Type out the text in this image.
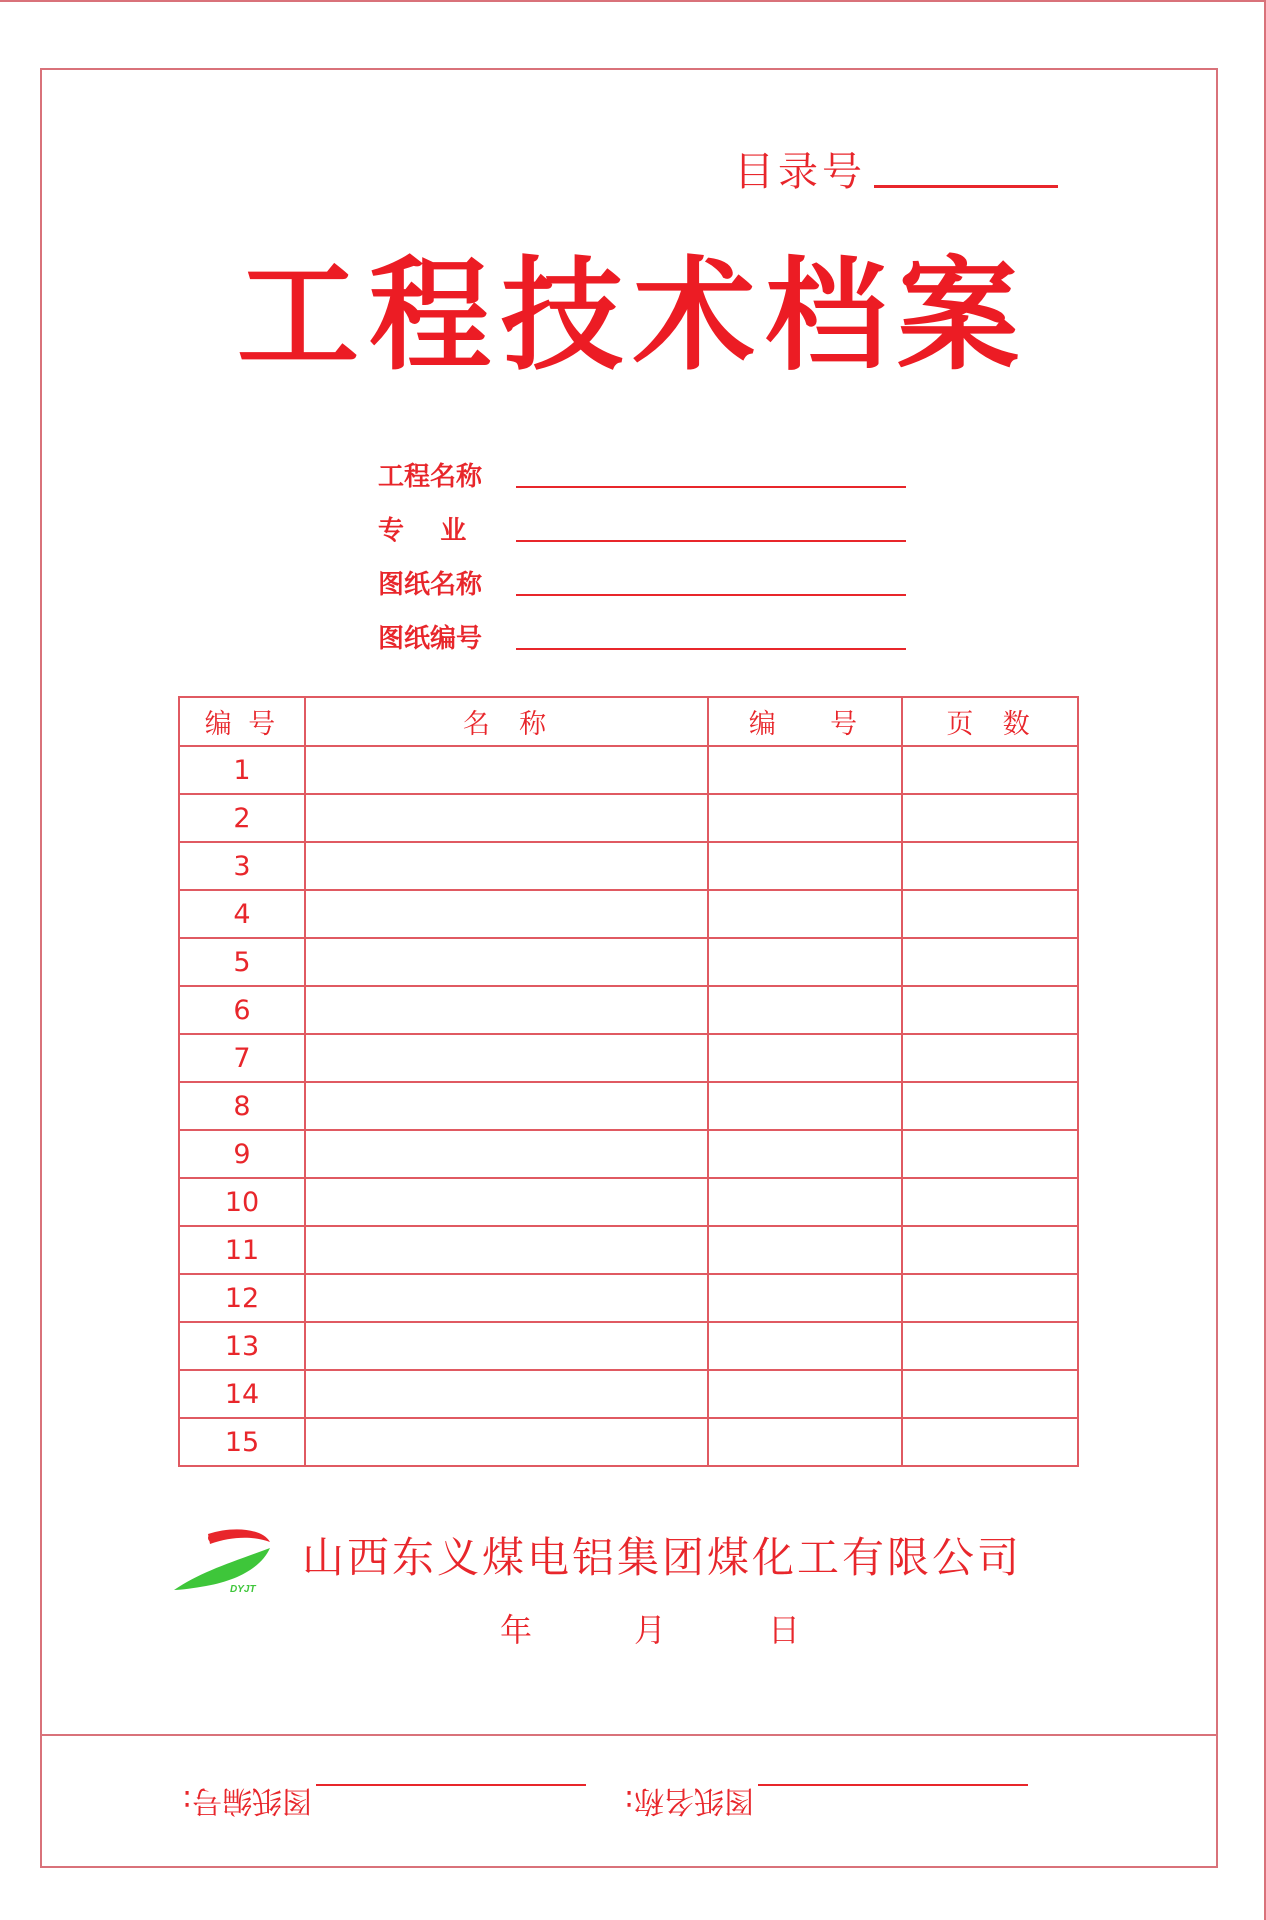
目录号
工程技术档案
工程名称
专    业
图纸名称
图纸编号
编 号	名  称	编    号	页  数
1			
2			
3			
4			
5			
6			
7			
8			
9			
10			
11			
12			
13			
14			
15			
DYJT
山西东义煤电铝集团煤化工有限公司
年	月	日
图纸编号:	图纸名称:
